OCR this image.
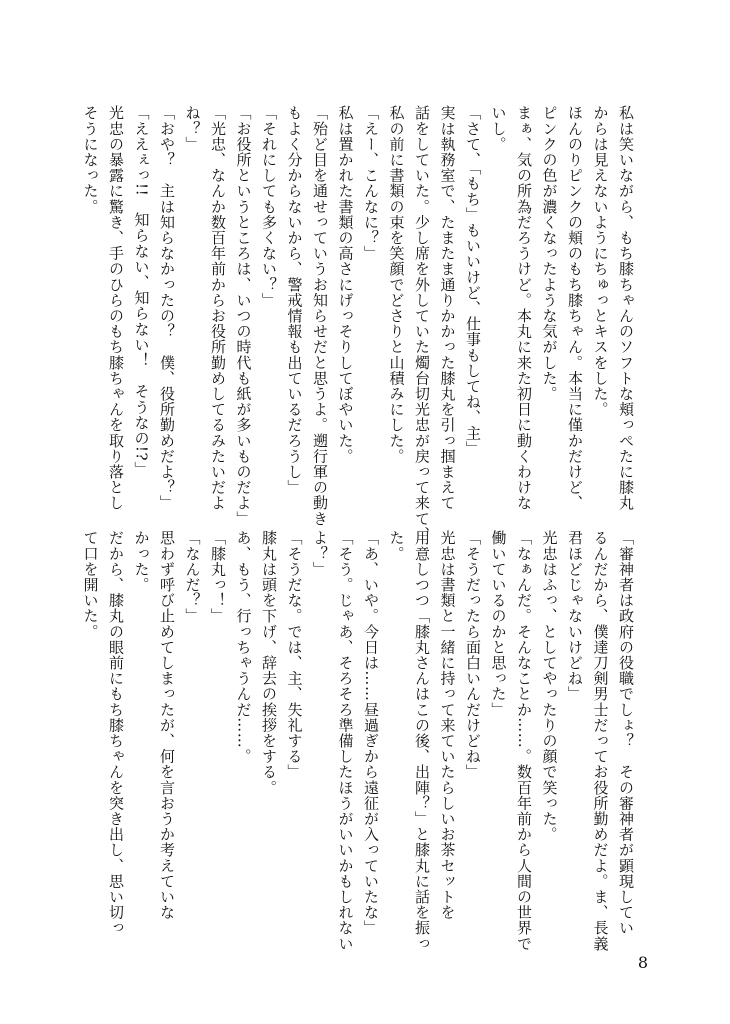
私は笑いながら、もち膝ちゃんのソフトな頬っぺたに膝丸
からは見えないようにちゅっとキスをした。
ほんのりピンクの頬のもち膝ちゃん。本当に僅かだけど、
ピンクの色が濃くなったような気がした。
まぁ、気の所為だろうけど。本丸に来た初日に動くわけな
いし。
「さて、「もち」もいいけど、仕事もしてね、主」
実は執務室で、たまたま通りかかった膝丸を引っ掴まえて
話をしていた。少し席を外していた燭台切光忠が戻って来て、
私の前に書類の束を笑顔でどさりと山積みにした。
「えー、こんなに？」
私は置かれた書類の高さにげっそりしてぼやいた。
「殆ど目を通せっていうお知らせだと思うよ。遡行軍の動き
もよく分からないから、警戒情報も出ているだろうし」
「それにしても多くない？」
「お役所というところは、いつの時代も紙が多いものだよ」
「光忠、なんか数百年前からお役所勤めしてるみたいだよ
ね？」
「おや？　主は知らなかったの？　僕、役所勤めだよ？」
「ええぇっ!!　知らない、知らない！　そうなの!?」
光忠の暴露に驚き、手のひらのもち膝ちゃんを取り落とし
そうになった。
「審神者は政府の役職でしょ？　その審神者が顕現してい
るんだから、僕達刀剣男士だってお役所勤めだよ。ま、長義
君ほどじゃないけどね」
光忠はふっ、としてやったりの顔で笑った。
「なぁんだ。そんなことか……。数百年前から人間の世界で
働いているのかと思った」
「そうだったら面白いんだけどね」
光忠は書類と一緒に持って来ていたらしいお茶セットを
用意しつつ「膝丸さんはこの後、出陣？」と膝丸に話を振っ
た。
「あ、いや。今日は……昼過ぎから遠征が入っていたな」
「そう。じゃあ、そろそろ準備したほうがいいかもしれない
よ？」
「そうだな。では、主、失礼する」
膝丸は頭を下げ、辞去の挨拶をする。
あ、もう、行っちゃうんだ……。
「膝丸っ！」
「なんだ？」
思わず呼び止めてしまったが、何を言おうか考えていな
かった。
だから、膝丸の眼前にもち膝ちゃんを突き出し、思い切っ
て口を開いた。
8
